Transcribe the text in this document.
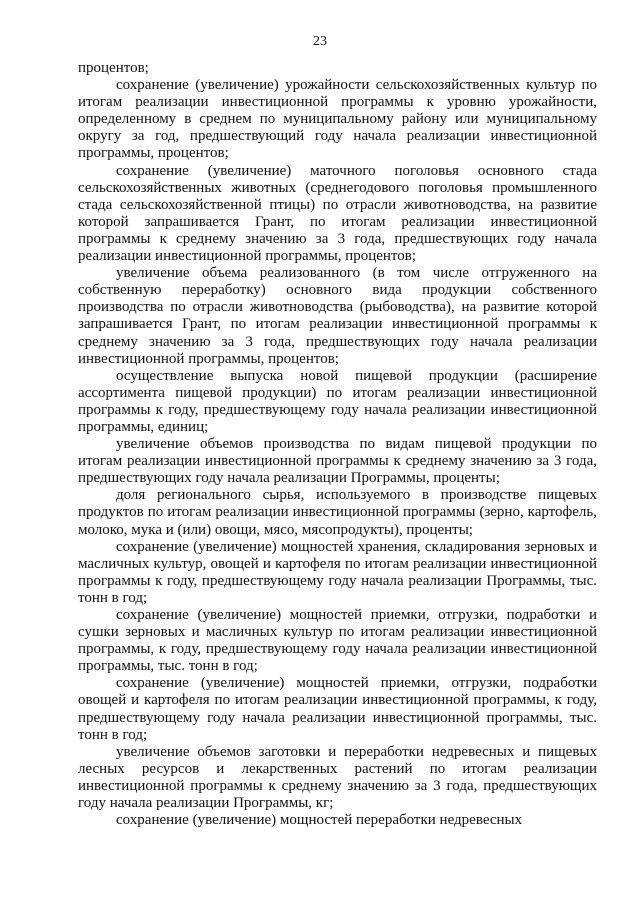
23

процентов;

сохранение (увеличение) урожайности сельскохозяйственных культур по итогам реализации инвестиционной программы к уровню урожайности, определенному в среднем по муниципальному району или муниципальному округу за год, предшествующий году начала реализации инвестиционной программы, процентов;

сохранение (увеличение) маточного поголовья основного стада сельскохозяйственных животных (среднегодового поголовья промышленного стада сельскохозяйственной птицы) по отрасли животноводства, на развитие которой запрашивается Грант, по итогам реализации инвестиционной программы к среднему значению за 3 года, предшествующих году начала реализации инвестиционной программы, процентов;

увеличение объема реализованного (в том числе отгруженного на собственную переработку) основного вида продукции собственного производства по отрасли животноводства (рыбоводства), на развитие которой запрашивается Грант, по итогам реализации инвестиционной программы к среднему значению за 3 года, предшествующих году начала реализации инвестиционной программы, процентов;

осуществление выпуска новой пищевой продукции (расширение ассортимента пищевой продукции) по итогам реализации инвестиционной программы к году, предшествующему году начала реализации инвестиционной программы, единиц;

увеличение объемов производства по видам пищевой продукции по итогам реализации инвестиционной программы к среднему значению за 3 года, предшествующих году начала реализации Программы, проценты;

доля регионального сырья, используемого в производстве пищевых продуктов по итогам реализации инвестиционной программы (зерно, картофель, молоко, мука и (или) овощи, мясо, мясопродукты), проценты;

сохранение (увеличение) мощностей хранения, складирования зерновых и масличных культур, овощей и картофеля по итогам реализации инвестиционной программы к году, предшествующему году начала реализации Программы, тыс. тонн в год;

сохранение (увеличение) мощностей приемки, отгрузки, подработки и сушки зерновых и масличных культур по итогам реализации инвестиционной программы, к году, предшествующему году начала реализации инвестиционной программы, тыс. тонн в год;

сохранение (увеличение) мощностей приемки, отгрузки, подработки овощей и картофеля по итогам реализации инвестиционной программы, к году, предшествующему году начала реализации инвестиционной программы, тыс. тонн в год;

увеличение объемов заготовки и переработки недревесных и пищевых лесных ресурсов и лекарственных растений по итогам реализации инвестиционной программы к среднему значению за 3 года, предшествующих году начала реализации Программы, кг;

сохранение (увеличение) мощностей переработки недревесных
